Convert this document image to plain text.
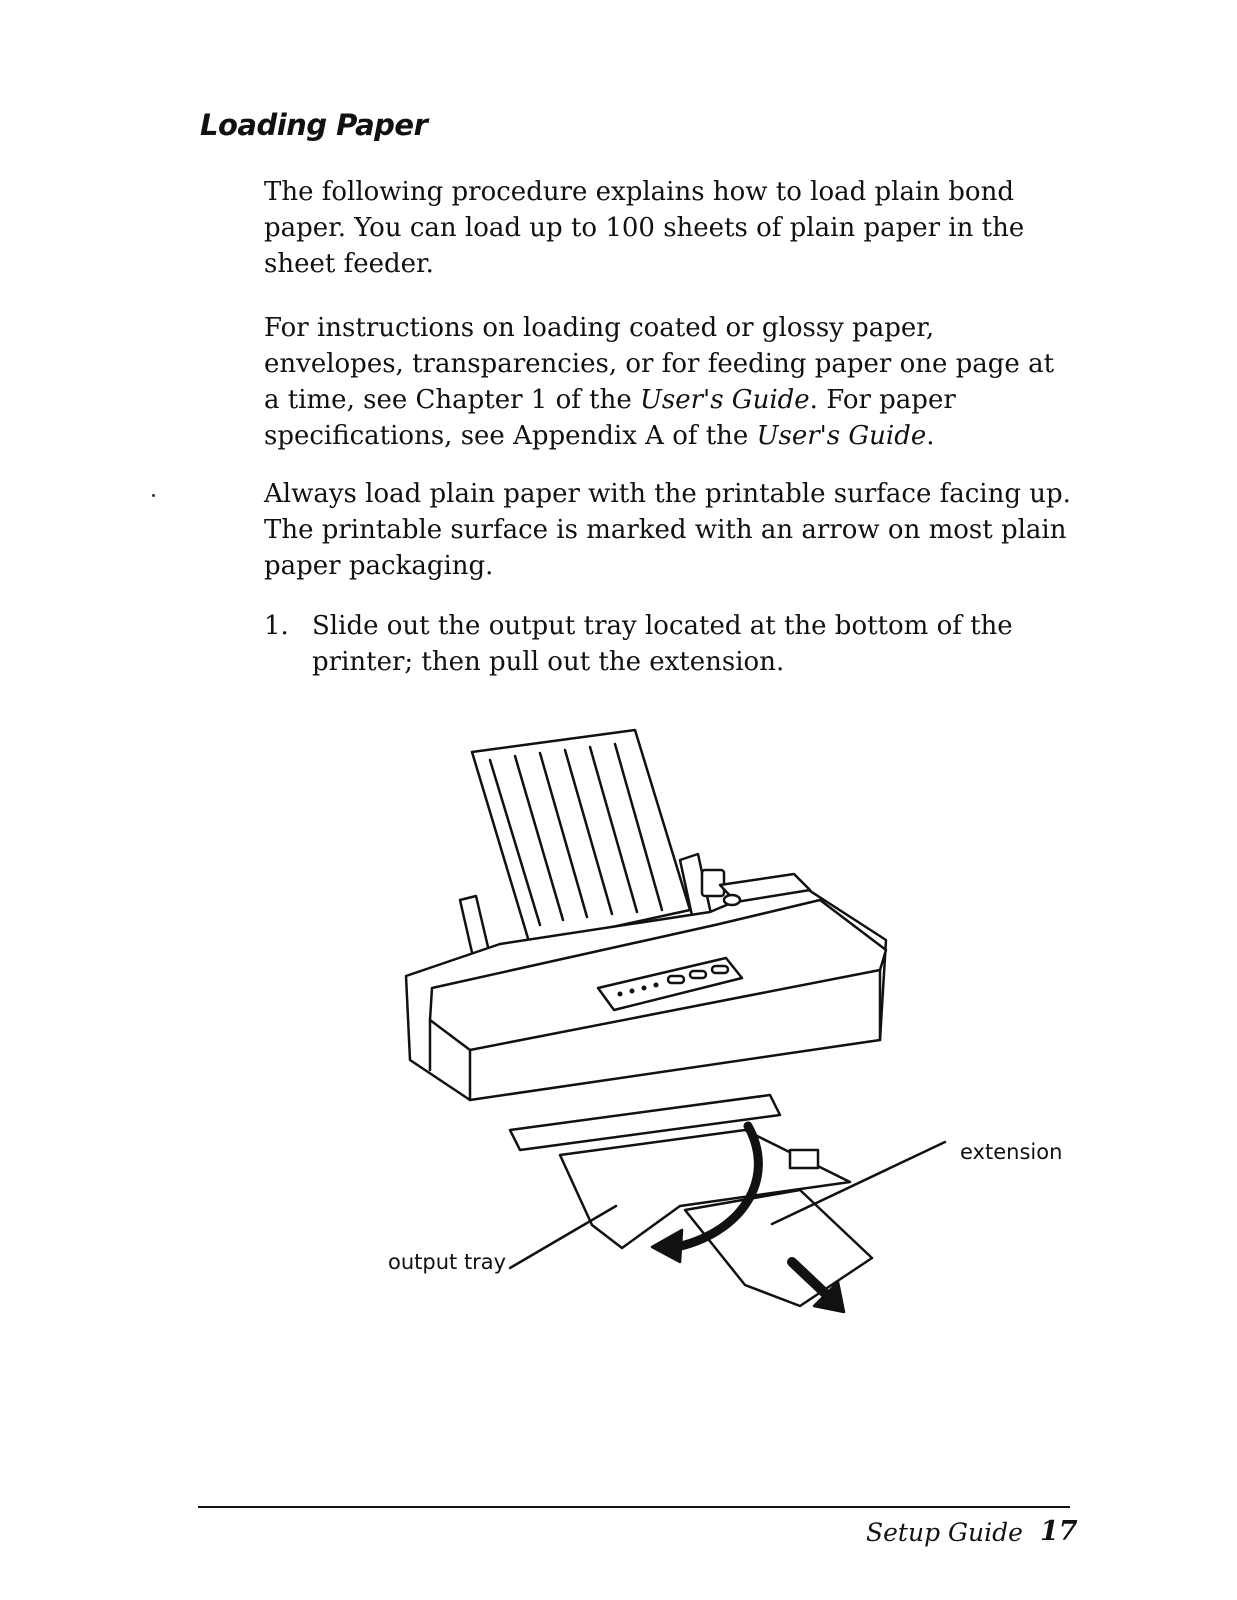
Loading Paper

The following procedure explains how to load plain bond paper. You can load up to 100 sheets of plain paper in the sheet feeder.

For instructions on loading coated or glossy paper, envelopes, transparencies, or for feeding paper one page at a time, see Chapter 1 of the User's Guide. For paper specifications, see Appendix A of the User's Guide.

Always load plain paper with the printable surface facing up. The printable surface is marked with an arrow on most plain paper packaging.

1. Slide out the output tray located at the bottom of the printer; then pull out the extension.
extension
output tray
Setup Guide 17
